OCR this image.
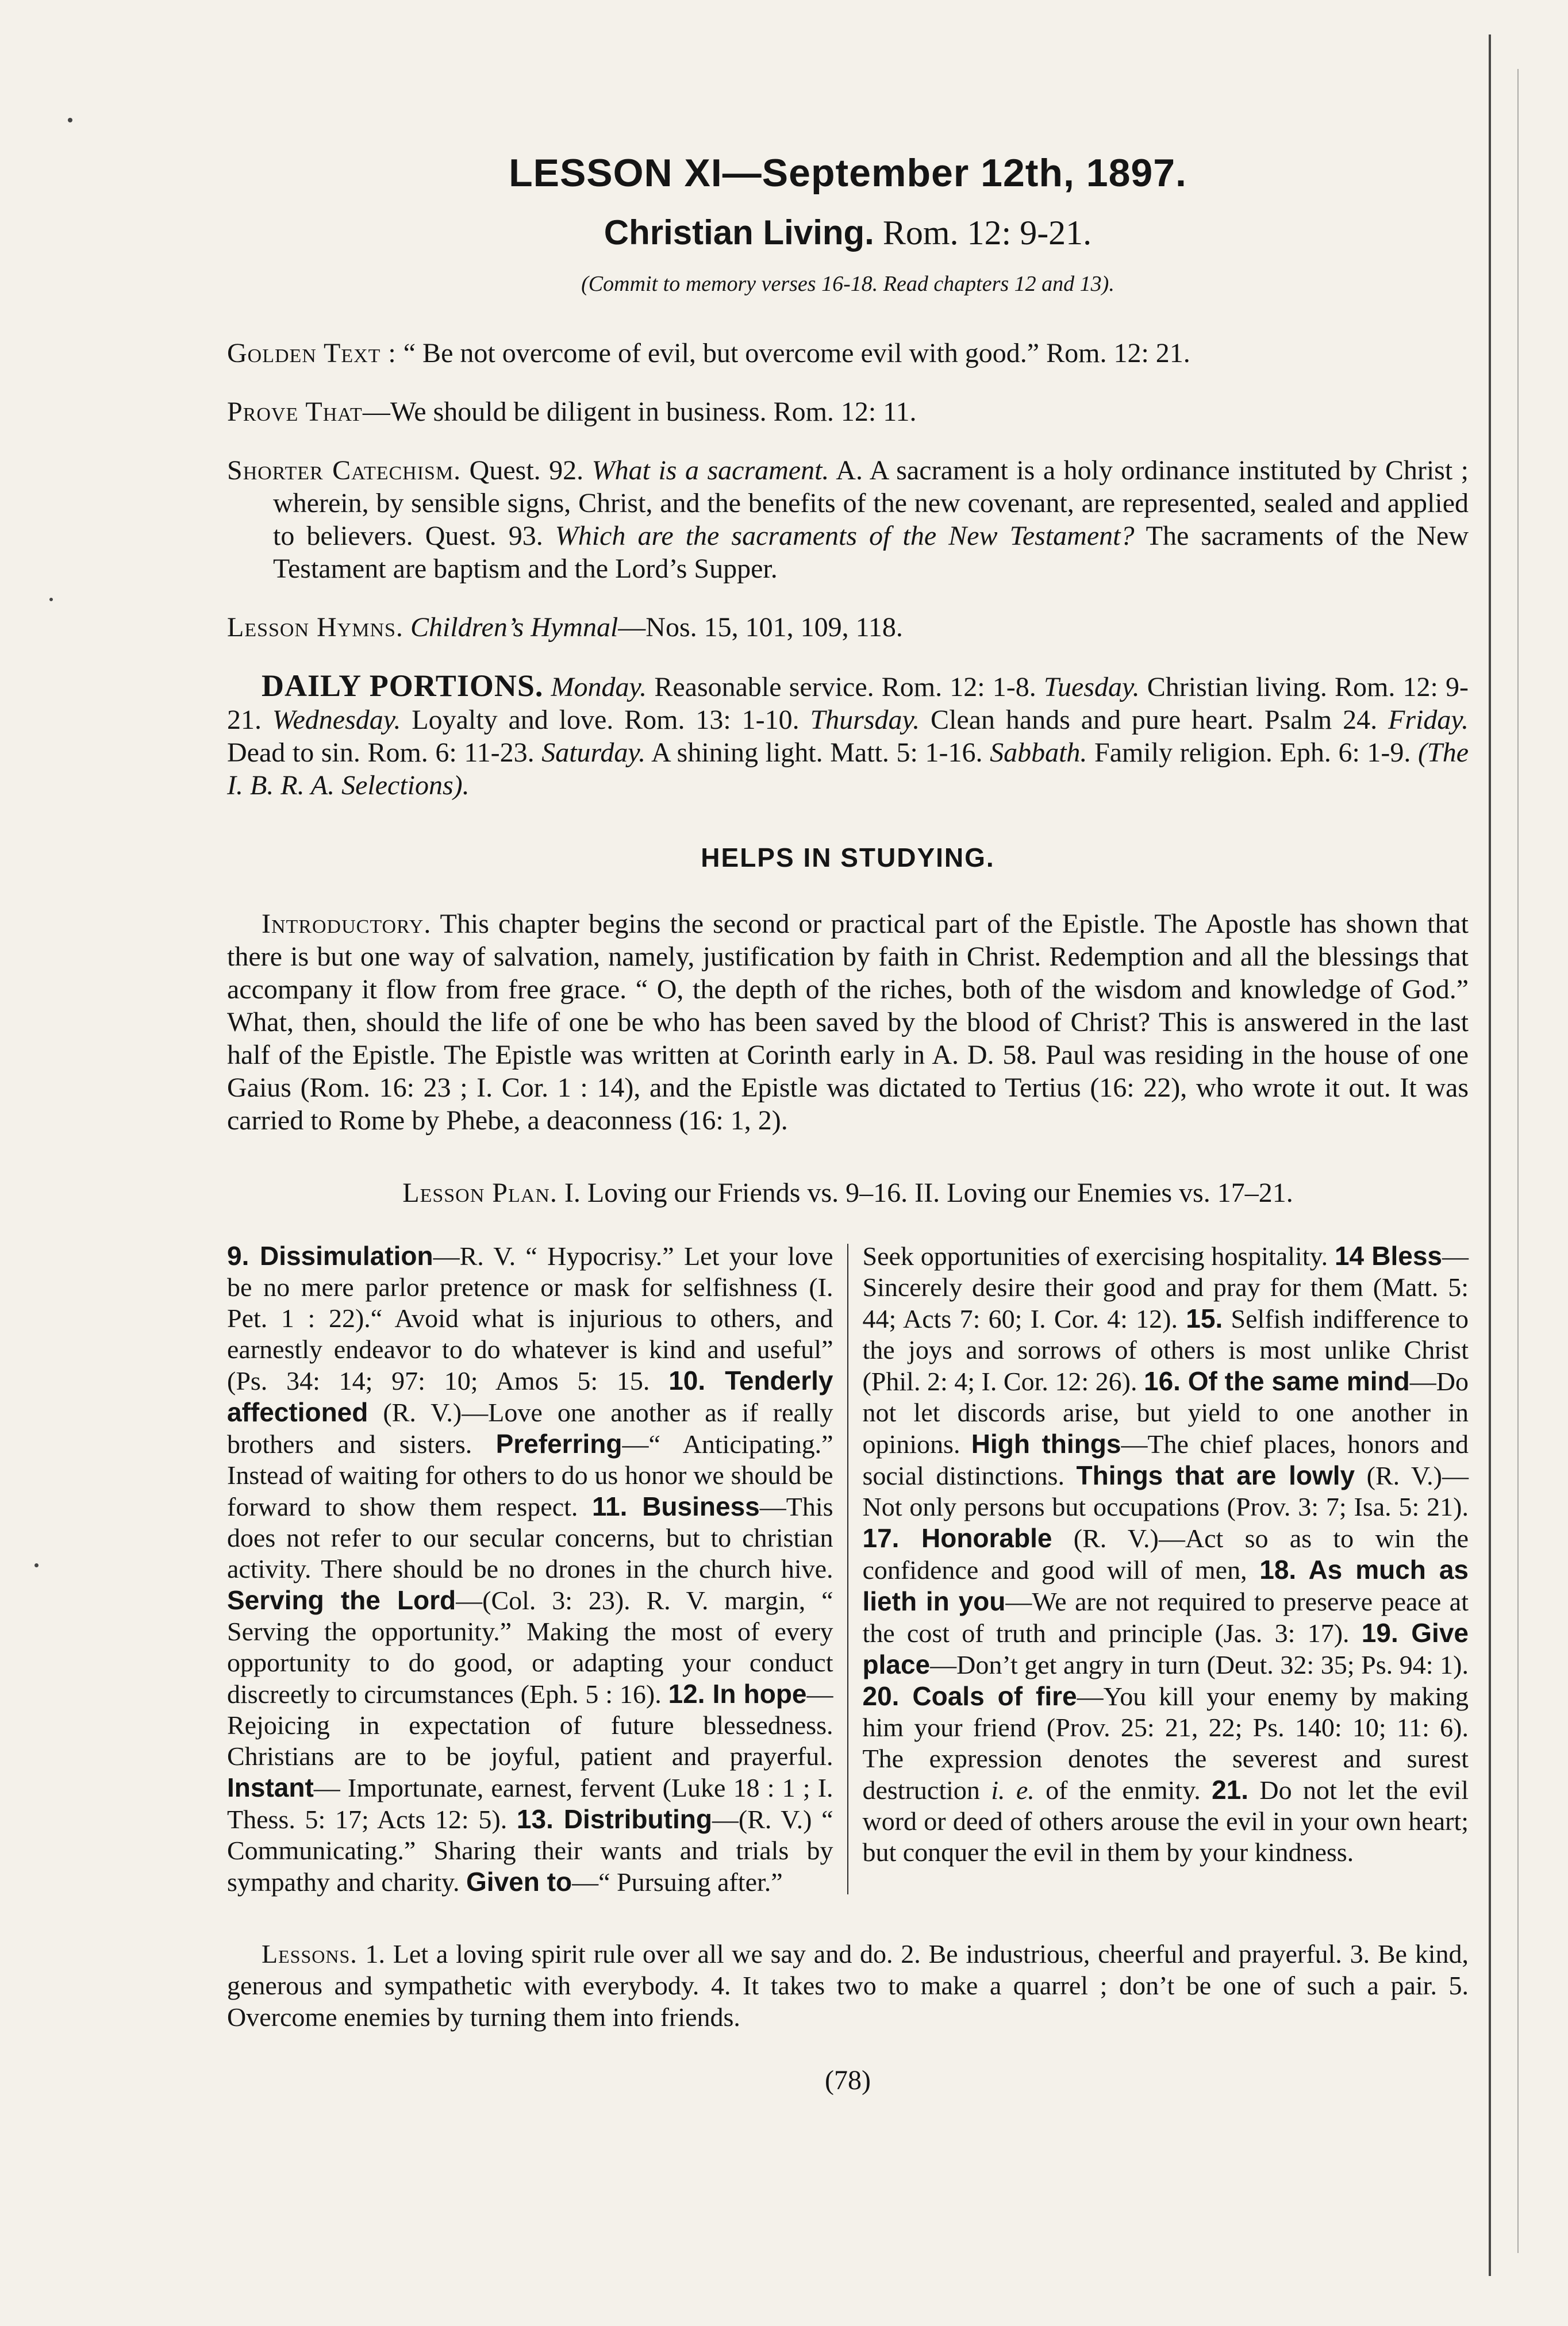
LESSON XI—September 12th, 1897.
Christian Living. Rom. 12: 9-21.
(Commit to memory verses 16-18. Read chapters 12 and 13).
Golden Text : “ Be not overcome of evil, but overcome evil with good.” Rom. 12: 21.
Prove That—We should be diligent in business. Rom. 12: 11.
Shorter Catechism. Quest. 92. What is a sacrament. A. A sacrament is a holy ordinance instituted by Christ ; wherein, by sensible signs, Christ, and the benefits of the new covenant, are represented, sealed and applied to believers. Quest. 93. Which are the sacraments of the New Testament? The sacraments of the New Testament are baptism and the Lord’s Supper.
Lesson Hymns. Children’s Hymnal—Nos. 15, 101, 109, 118.
DAILY PORTIONS. Monday. Reasonable service. Rom. 12: 1-8. Tuesday. Christian living. Rom. 12: 9-21. Wednesday. Loyalty and love. Rom. 13: 1-10. Thursday. Clean hands and pure heart. Psalm 24. Friday. Dead to sin. Rom. 6: 11-23. Saturday. A shining light. Matt. 5: 1-16. Sabbath. Family religion. Eph. 6: 1-9. (The I. B. R. A. Selections).
HELPS IN STUDYING.
Introductory. This chapter begins the second or practical part of the Epistle. The Apostle has shown that there is but one way of salvation, namely, justification by faith in Christ. Redemption and all the blessings that accompany it flow from free grace. “ O, the depth of the riches, both of the wisdom and knowledge of God.” What, then, should the life of one be who has been saved by the blood of Christ? This is answered in the last half of the Epistle. The Epistle was written at Corinth early in A. D. 58. Paul was residing in the house of one Gaius (Rom. 16: 23 ; I. Cor. 1 : 14), and the Epistle was dictated to Tertius (16: 22), who wrote it out. It was carried to Rome by Phebe, a deaconness (16: 1, 2).
Lesson Plan. I. Loving our Friends vs. 9–16. II. Loving our Enemies vs. 17–21.
9. Dissimulation—R. V. “ Hypocrisy.” Let your love be no mere parlor pretence or mask for selfishness (I. Pet. 1 : 22).“ Avoid what is injurious to others, and earnestly endeavor to do whatever is kind and useful” (Ps. 34: 14; 97: 10; Amos 5: 15. 10. Tenderly affectioned (R. V.)—Love one another as if really brothers and sisters. Preferring—“ Anticipating.” Instead of waiting for others to do us honor we should be forward to show them respect. 11. Business—This does not refer to our secular concerns, but to christian activity. There should be no drones in the church hive. Serving the Lord—(Col. 3: 23). R. V. margin, “ Serving the opportunity.” Making the most of every opportunity to do good, or adapting your conduct discreetly to circumstances (Eph. 5 : 16). 12. In hope—Rejoicing in expectation of future blessedness. Christians are to be joyful, patient and prayerful. Instant— Importunate, earnest, fervent (Luke 18 : 1 ; I. Thess. 5: 17; Acts 12: 5). 13. Distributing—(R. V.) “ Communicating.” Sharing their wants and trials by sympathy and charity. Given to—“ Pursuing after.”
Seek opportunities of exercising hospitality. 14 Bless—Sincerely desire their good and pray for them (Matt. 5: 44; Acts 7: 60; I. Cor. 4: 12). 15. Selfish indifference to the joys and sorrows of others is most unlike Christ (Phil. 2: 4; I. Cor. 12: 26). 16. Of the same mind—Do not let discords arise, but yield to one another in opinions. High things—The chief places, honors and social distinctions. Things that are lowly (R. V.)—Not only persons but occupations (Prov. 3: 7; Isa. 5: 21). 17. Honorable (R. V.)—Act so as to win the confidence and good will of men, 18. As much as lieth in you—We are not required to preserve peace at the cost of truth and principle (Jas. 3: 17). 19. Give place—Don’t get angry in turn (Deut. 32: 35; Ps. 94: 1). 20. Coals of fire—You kill your enemy by making him your friend (Prov. 25: 21, 22; Ps. 140: 10; 11: 6). The expression denotes the severest and surest destruction i. e. of the enmity. 21. Do not let the evil word or deed of others arouse the evil in your own heart; but conquer the evil in them by your kindness.
Lessons. 1. Let a loving spirit rule over all we say and do. 2. Be industrious, cheerful and prayerful. 3. Be kind, generous and sympathetic with everybody. 4. It takes two to make a quarrel ; don’t be one of such a pair. 5. Overcome enemies by turning them into friends.
(78)
